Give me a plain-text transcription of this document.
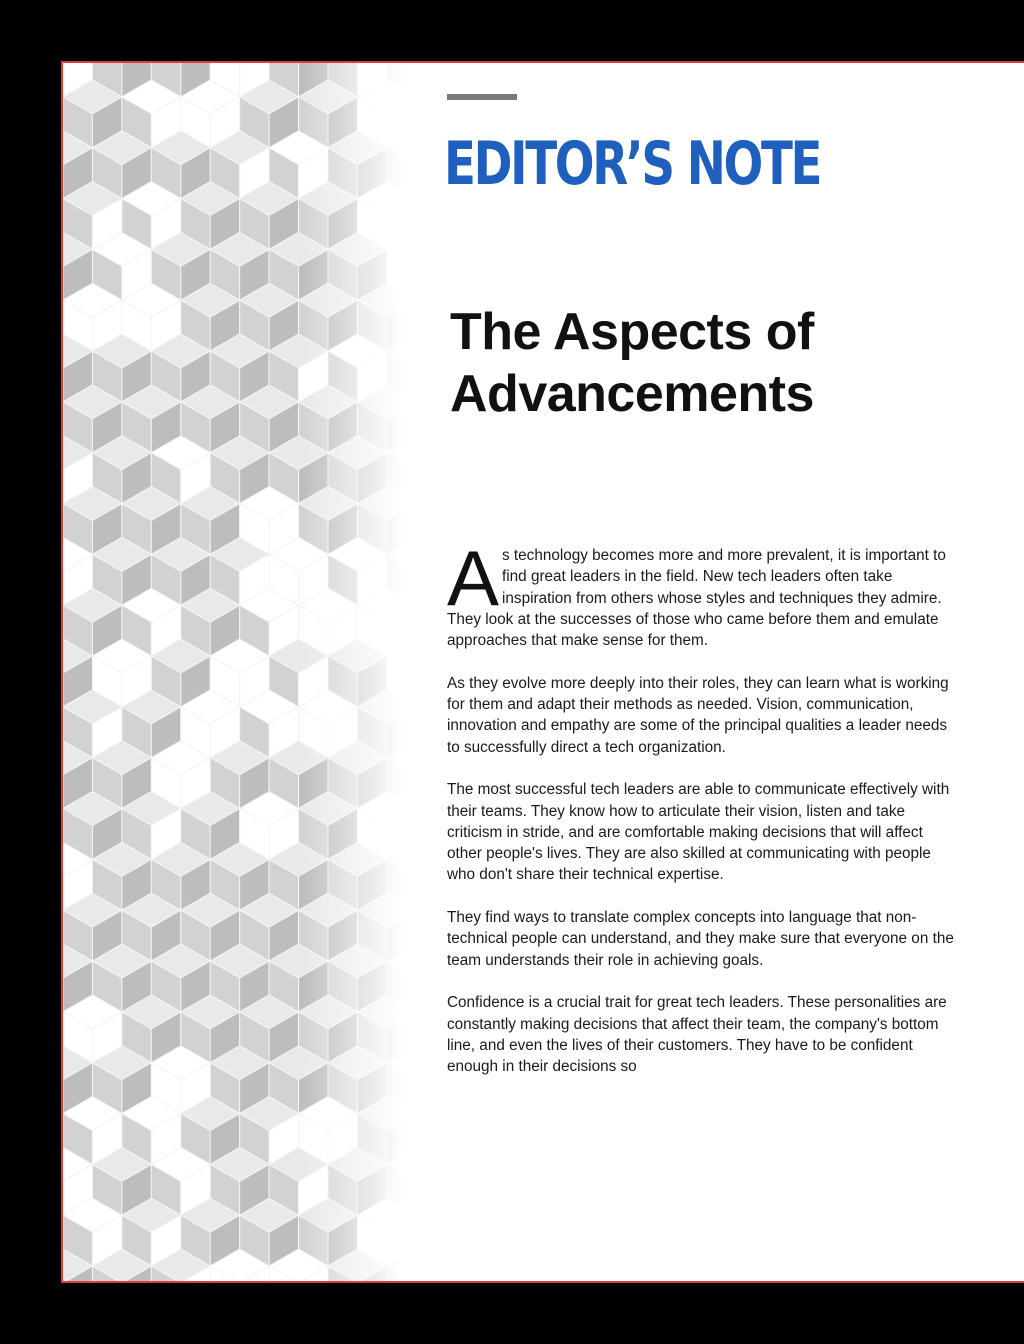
EDITOR’S NOTE
The Aspects of Advancements

As technology becomes more and more prevalent, it is important to find great leaders in the field. New tech leaders often take inspiration from others whose styles and techniques they admire. They look at the successes of those who came before them and emulate approaches that make sense for them.

As they evolve more deeply into their roles, they can learn what is working for them and adapt their methods as needed. Vision, communication, innovation and empathy are some of the principal qualities a leader needs to successfully direct a tech organization.

The most successful tech leaders are able to communicate effectively with their teams. They know how to articulate their vision, listen and take criticism in stride, and are comfortable making decisions that will affect other people's lives. They are also skilled at communicating with people who don't share their technical expertise.

They find ways to translate complex concepts into language that non-technical people can understand, and they make sure that everyone on the team understands their role in achieving goals.

Confidence is a crucial trait for great tech leaders. These personalities are constantly making decisions that affect their team, the company's bottom line, and even the lives of their customers. They have to be confident enough in their decisions so
